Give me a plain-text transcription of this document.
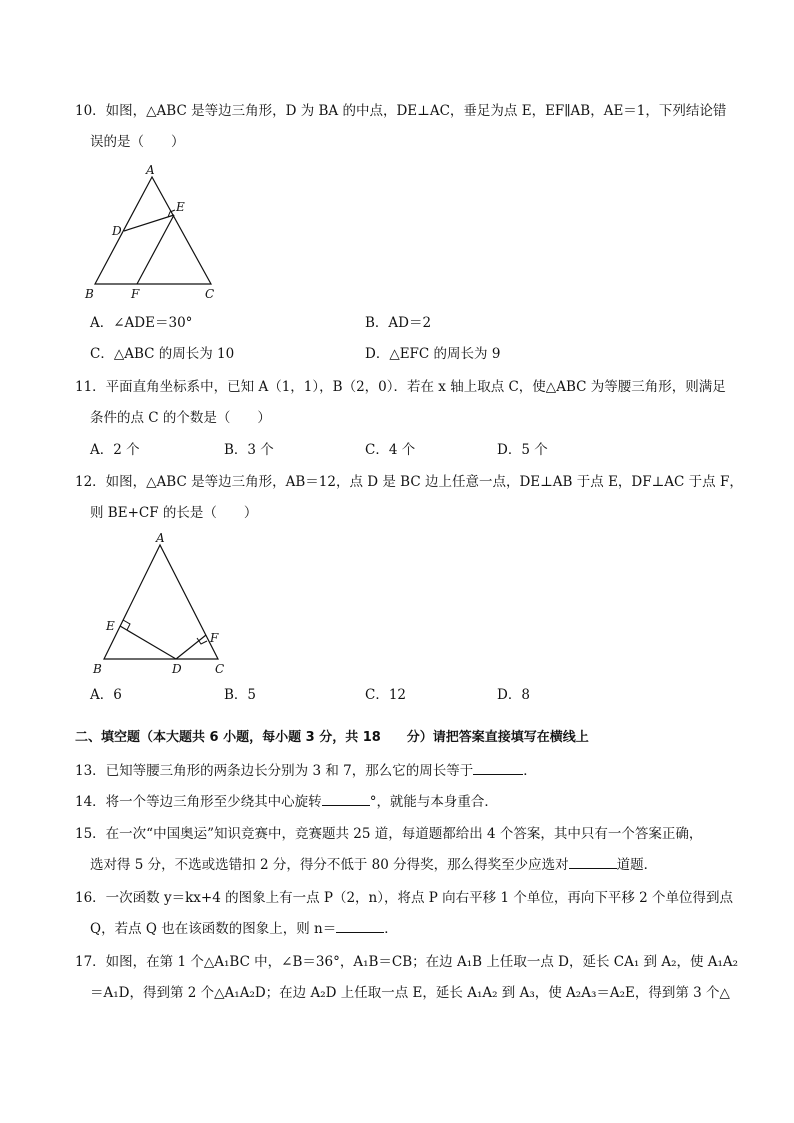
10．如图，△ABC 是等边三角形，D 为 BA 的中点，DE⊥AC，垂足为点 E，EF∥AB，AE＝1，下列结论错
误的是（　　）
A
B	C
D
E
F
A．∠ADE＝30°	B．AD＝2
C．△ABC 的周长为 10	D．△EFC 的周长为 9
11．平面直角坐标系中，已知 A（1，1），B（2，0）．若在 x 轴上取点 C，使△ABC 为等腰三角形，则满足
条件的点 C 的个数是（　　）
A．2 个	B．3 个	C．4 个	D．5 个
12．如图，△ABC 是等边三角形，AB＝12，点 D 是 BC 边上任意一点，DE⊥AB 于点 E，DF⊥AC 于点 F，
则 BE+CF 的长是（　　）
A
B	C
D
E
F
A．6	B．5	C．12	D．8
二、填空题（本大题共 6 小题，每小题 3 分，共 18　　分）请把答案直接填写在横线上
13．已知等腰三角形的两条边长分别为 3 和 7，那么它的周长等于	．
14．将一个等边三角形至少绕其中心旋转	°，就能与本身重合．
15．在一次“中国奥运”知识竞赛中，竞赛题共 25 道，每道题都给出 4 个答案，其中只有一个答案正确，
选对得 5 分，不选或选错扣 2 分，得分不低于 80 分得奖，那么得奖至少应选对	道题．
16．一次函数 y＝kx+4 的图象上有一点 P（2，n），将点 P 向右平移 1 个单位，再向下平移 2 个单位得到点
Q，若点 Q 也在该函数的图象上，则 n＝	．
17．如图，在第 1 个△A₁BC 中，∠B＝36°，A₁B＝CB；在边 A₁B 上任取一点 D，延长 CA₁ 到 A₂，使 A₁A₂
＝A₁D，得到第 2 个△A₁A₂D；在边 A₂D 上任取一点 E，延长 A₁A₂ 到 A₃，使 A₂A₃＝A₂E，得到第 3 个△
